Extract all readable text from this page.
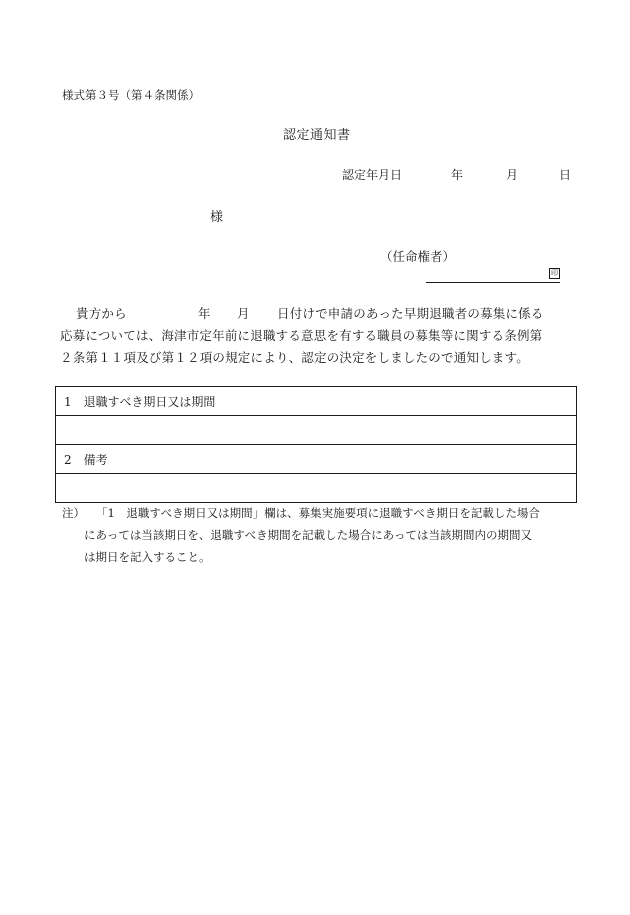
様式第３号（第４条関係）
認定通知書
認定年月日	年	月	日
様
（任命権者）
印
貴方から	年 月 日付けで申請のあった早期退職者の募集に係る
応募については、海津市定年前に退職する意思を有する職員の募集等に関する条例第
２条第１１項及び第１２項の規定により、認定の決定をしましたので通知します。
1　退職すべき期日又は期間

2　備考

注） 「1　退職すべき期日又は期間」欄は、募集実施要項に退職すべき期日を記載した場合
にあっては当該期日を、退職すべき期間を記載した場合にあっては当該期間内の期間又
は期日を記入すること。
